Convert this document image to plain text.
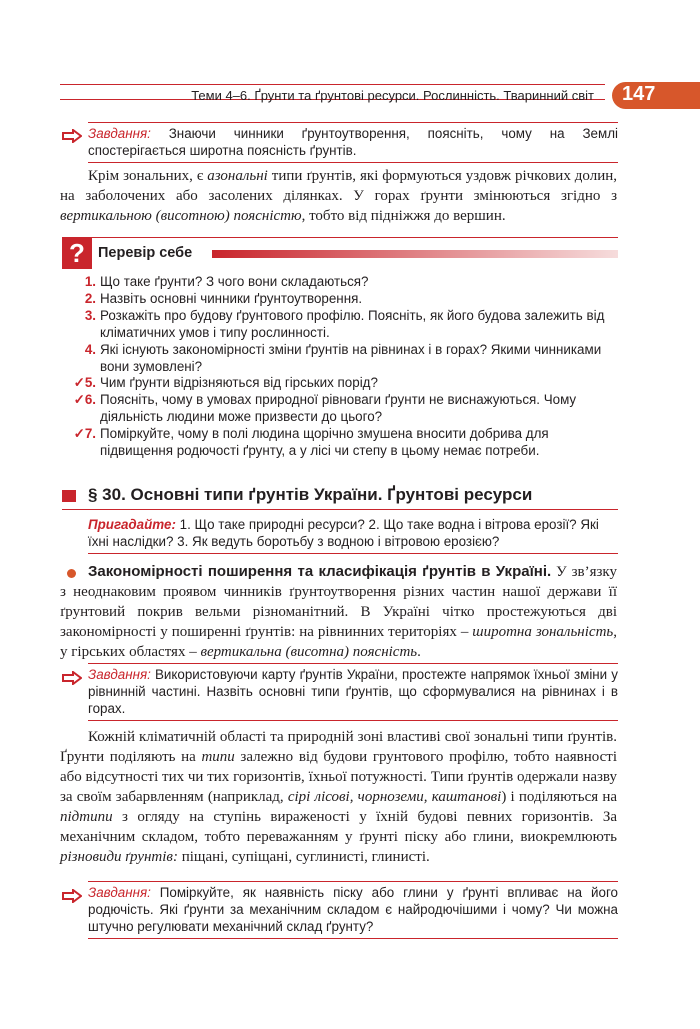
Теми 4–6. Ґрунти та ґрунтові ресурси. Рослинність. Тваринний світ 147

Завдання: Знаючи чинники ґрунтоутворення, поясніть, чому на Землі спостерігається широтна поясність ґрунтів.

Крім зональних, є азональні типи ґрунтів, які формуються уздовж річкових долин, на заболочених або засолених ділянках. У горах ґрунти змінюються згідно з вертикальною (висотною) поясністю, тобто від підніжжя до вершин.

? Перевір себе
1. Що таке ґрунти? З чого вони складаються?
2. Назвіть основні чинники ґрунтоутворення.
3. Розкажіть про будову ґрунтового профілю. Поясніть, як його будова залежить від кліматичних умов і типу рослинності.
4. Які існують закономірності зміни ґрунтів на рівнинах і в горах? Якими чинниками вони зумовлені?
✓5. Чим ґрунти відрізняються від гірських порід?
✓6. Поясніть, чому в умовах природної рівноваги ґрунти не виснажуються. Чому діяльність людини може призвести до цього?
✓7. Поміркуйте, чому в полі людина щорічно змушена вносити добрива для підвищення родючості ґрунту, а у лісі чи степу в цьому немає потреби.
§ 30. Основні типи ґрунтів України. Ґрунтові ресурси
Пригадайте: 1. Що таке природні ресурси? 2. Що таке водна і вітрова ерозії? Які їхні наслідки? 3. Як ведуть боротьбу з водною і вітровою ерозією?

Закономірності поширення та класифікація ґрунтів в Україні. У зв’язку з неоднаковим проявом чинників ґрунтоутворення різних частин нашої держави її ґрунтовий покрив вельми різноманітний. В Україні чітко простежуються дві закономірності у поширенні ґрунтів: на рівнинних територіях – широтна зональність, у гірських областях – вертикальна (висотна) поясність.

Завдання: Використовуючи карту ґрунтів України, простежте напрямок їхньої зміни у рівнинній частині. Назвіть основні типи ґрунтів, що сформувалися на рівнинах і в горах.

Кожній кліматичній області та природній зоні властиві свої зональні типи ґрунтів. Ґрунти поділяють на типи залежно від будови грунтового профілю, тобто наявності або відсутності тих чи тих горизонтів, їхньої потужності. Типи ґрунтів одержали назву за своїм забарвленням (наприклад, сірі лісові, чорноземи, каштанові) і поділяються на підтипи з огляду на ступінь вираженості у їхній будові певних горизонтів. За механічним складом, тобто переважанням у ґрунті піску або глини, виокремлюють різновиди ґрунтів: піщані, супіщані, суглинисті, глинисті.

Завдання: Поміркуйте, як наявність піску або глини у ґрунті впливає на його родючість. Які ґрунти за механічним складом є найродючішими і чому? Чи можна штучно регулювати механічний склад ґрунту?
